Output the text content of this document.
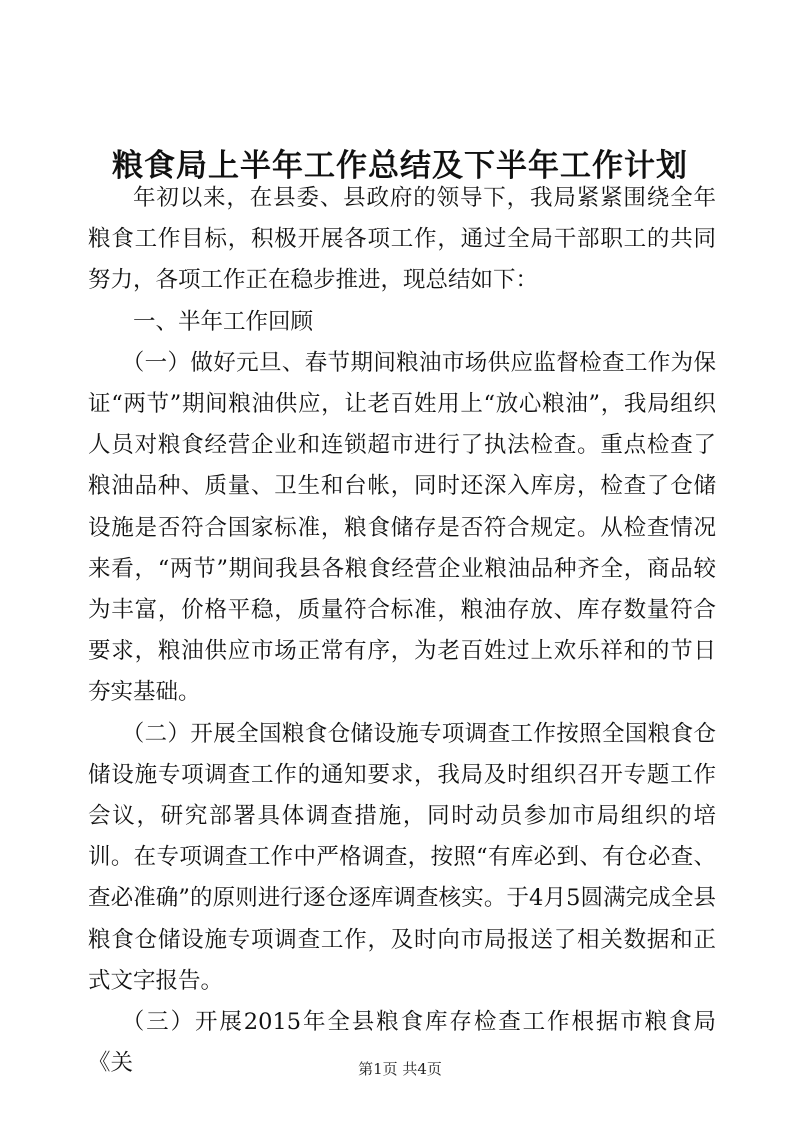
粮食局上半年工作总结及下半年工作计划

年初以来，在县委、县政府的领导下，我局紧紧围绕全年粮食工作目标，积极开展各项工作，通过全局干部职工的共同努力，各项工作正在稳步推进，现总结如下：

一、半年工作回顾

（一）做好元旦、春节期间粮油市场供应监督检查工作为保证“两节”期间粮油供应，让老百姓用上“放心粮油”，我局组织人员对粮食经营企业和连锁超市进行了执法检查。重点检查了粮油品种、质量、卫生和台帐，同时还深入库房，检查了仓储设施是否符合国家标准，粮食储存是否符合规定。从检查情况来看，“两节”期间我县各粮食经营企业粮油品种齐全，商品较为丰富，价格平稳，质量符合标准，粮油存放、库存数量符合要求，粮油供应市场正常有序，为老百姓过上欢乐祥和的节日夯实基础。

（二）开展全国粮食仓储设施专项调查工作按照全国粮食仓储设施专项调查工作的通知要求，我局及时组织召开专题工作会议，研究部署具体调查措施，同时动员参加市局组织的培训。在专项调查工作中严格调查，按照“有库必到、有仓必查、查必准确”的原则进行逐仓逐库调查核实。于4月5圆满完成全县粮食仓储设施专项调查工作，及时向市局报送了相关数据和正式文字报告。

（三）开展2015年全县粮食库存检查工作根据市粮食局《关	第1页 共4页
